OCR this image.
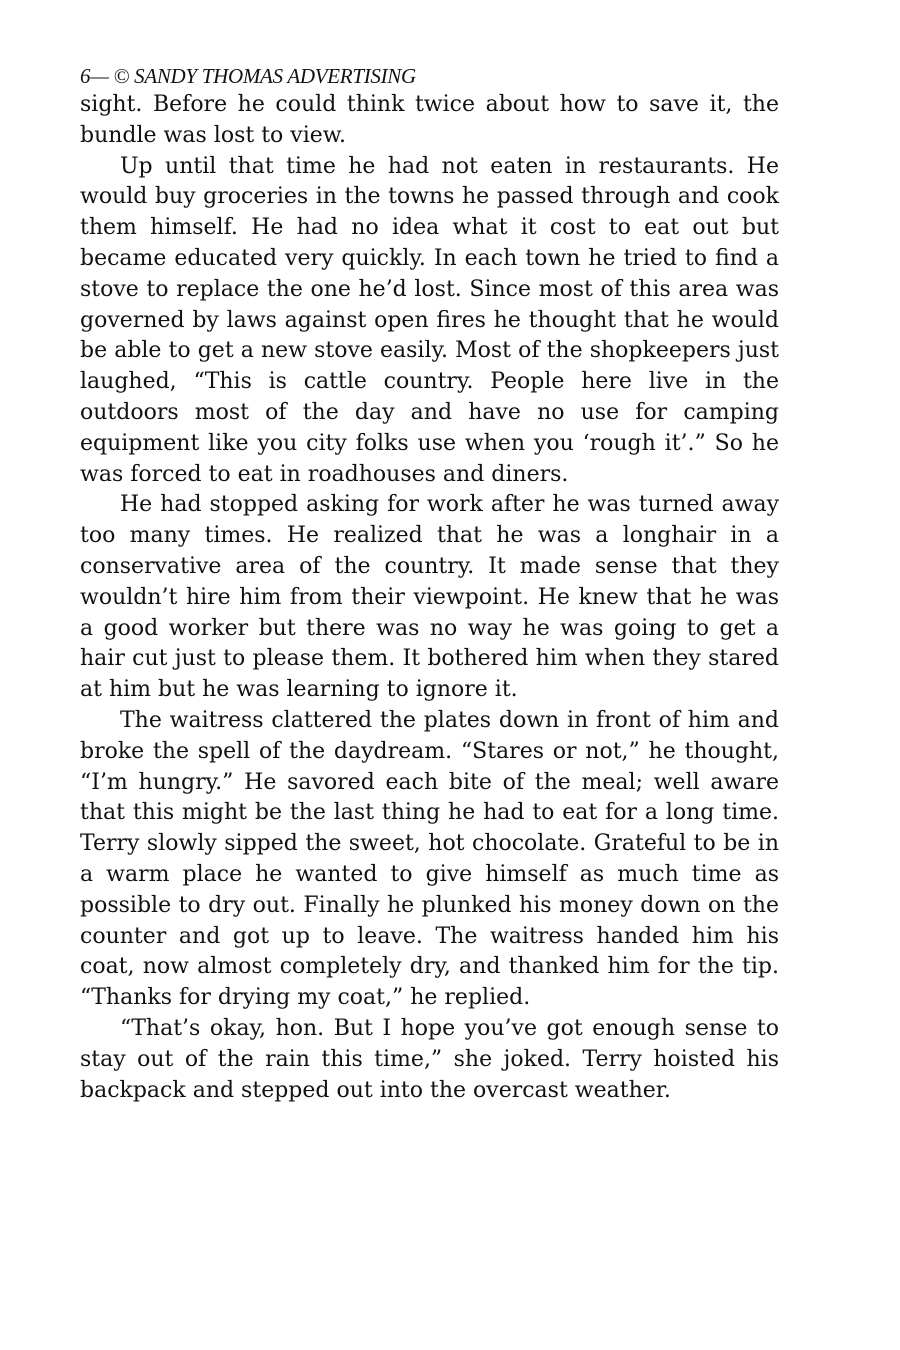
6— © SANDY THOMAS ADVERTISING

sight. Before he could think twice about how to save it, the bundle was lost to view.

Up until that time he had not eaten in restaurants. He would buy groceries in the towns he passed through and cook them himself. He had no idea what it cost to eat out but became educated very quickly. In each town he tried to find a stove to replace the one he’d lost. Since most of this area was governed by laws against open fires he thought that he would be able to get a new stove easily. Most of the shopkeepers just laughed, “This is cattle country. People here live in the outdoors most of the day and have no use for camping equipment like you city folks use when you ‘rough it’.” So he was forced to eat in roadhouses and diners.

He had stopped asking for work after he was turned away too many times. He realized that he was a longhair in a conservative area of the country. It made sense that they wouldn’t hire him from their viewpoint. He knew that he was a good worker but there was no way he was going to get a hair cut just to please them. It bothered him when they stared at him but he was learning to ignore it.

The waitress clattered the plates down in front of him and broke the spell of the daydream. “Stares or not,” he thought, “I’m hungry.” He savored each bite of the meal; well aware that this might be the last thing he had to eat for a long time. Terry slowly sipped the sweet, hot chocolate. Grateful to be in a warm place he wanted to give himself as much time as possible to dry out. Finally he plunked his money down on the counter and got up to leave. The waitress handed him his coat, now almost completely dry, and thanked him for the tip. “Thanks for drying my coat,” he replied.

“That’s okay, hon. But I hope you’ve got enough sense to stay out of the rain this time,” she joked. Terry hoisted his backpack and stepped out into the overcast weather.
